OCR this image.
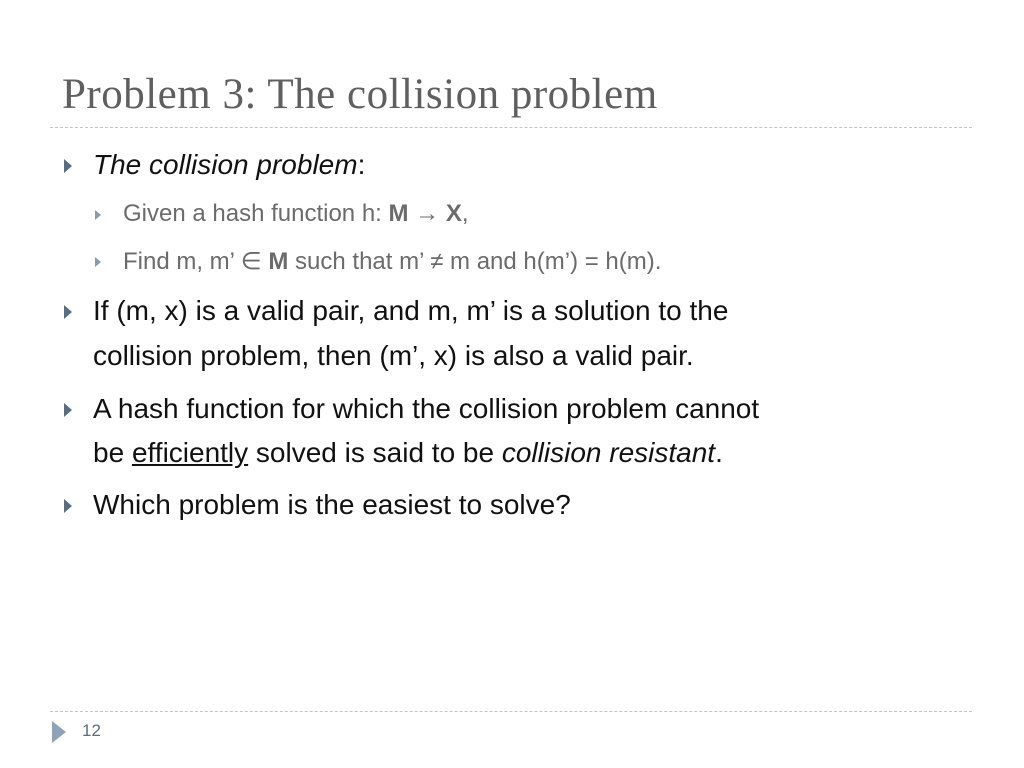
Problem 3: The collision problem
The collision problem:
Given a hash function h: M → X,
Find m, m’ ∈ M such that m’ ≠ m and h(m’) = h(m).
If (m, x) is a valid pair, and m, m’ is a solution to the
collision problem, then (m’, x) is also a valid pair.
A hash function for which the collision problem cannot
be efficiently solved is said to be collision resistant.
Which problem is the easiest to solve?
12
